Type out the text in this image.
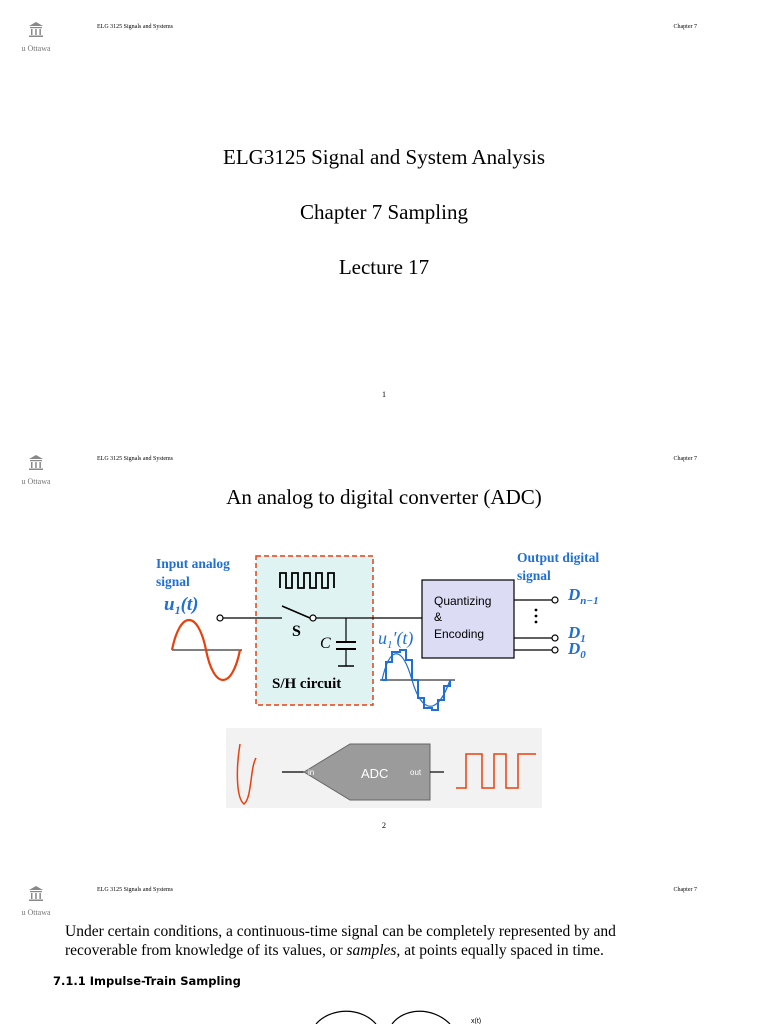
u Ottawa
ELG 3125 Signals and Systems	Chapter 7
ELG3125 Signal and System Analysis
Chapter 7 Sampling
Lecture 17
1
u Ottawa
ELG 3125 Signals and Systems	Chapter 7
An analog to digital converter (ADC)
Input analog
signal
$u_1(t)$
S
C
S/H circuit
$u_1'(t)$
Quantizing
&
Encoding
Output digital
signal
$D_{n-1}$
$D_1$
$D_0$
in	ADC	out
2
u Ottawa
ELG 3125 Signals and Systems	Chapter 7
Under certain conditions, a continuous-time signal can be completely represented by and
recoverable from knowledge of its values, or samples, at points equally spaced in time.
7.1.1 Impulse-Train Sampling
x(t)
